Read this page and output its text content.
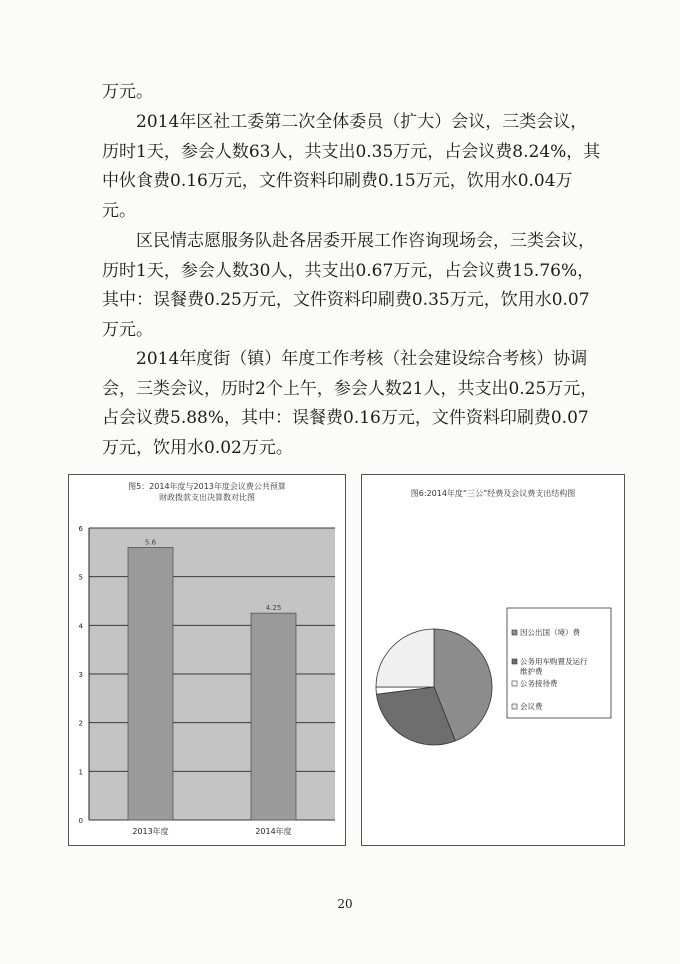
万元。
2014年区社工委第二次全体委员（扩大）会议，三类会议，历时1天，参会人数63人，共支出0.35万元，占会议费8.24%，其中伙食费0.16万元，文件资料印刷费0.15万元，饮用水0.04万元。
区民情志愿服务队赴各居委开展工作咨询现场会，三类会议，历时1天，参会人数30人，共支出0.67万元，占会议费15.76%，其中：误餐费0.25万元，文件资料印刷费0.35万元，饮用水0.07万元。
2014年度街（镇）年度工作考核（社会建设综合考核）协调会，三类会议，历时2个上午，参会人数21人，共支出0.25万元，占会议费5.88%，其中：误餐费0.16万元，文件资料印刷费0.07万元，饮用水0.02万元。
图5：2014年度与2013年度会议费公共预算财政拨款支出决算数对比图
0
1
2
3
4
5
6
5.6
2013年度
4.25
2014年度
图6:2014年度“三公”经费及会议费支出结构图
因公出国（境）费
公务用车购置及运行维护费
公务接待费
会议费
20
